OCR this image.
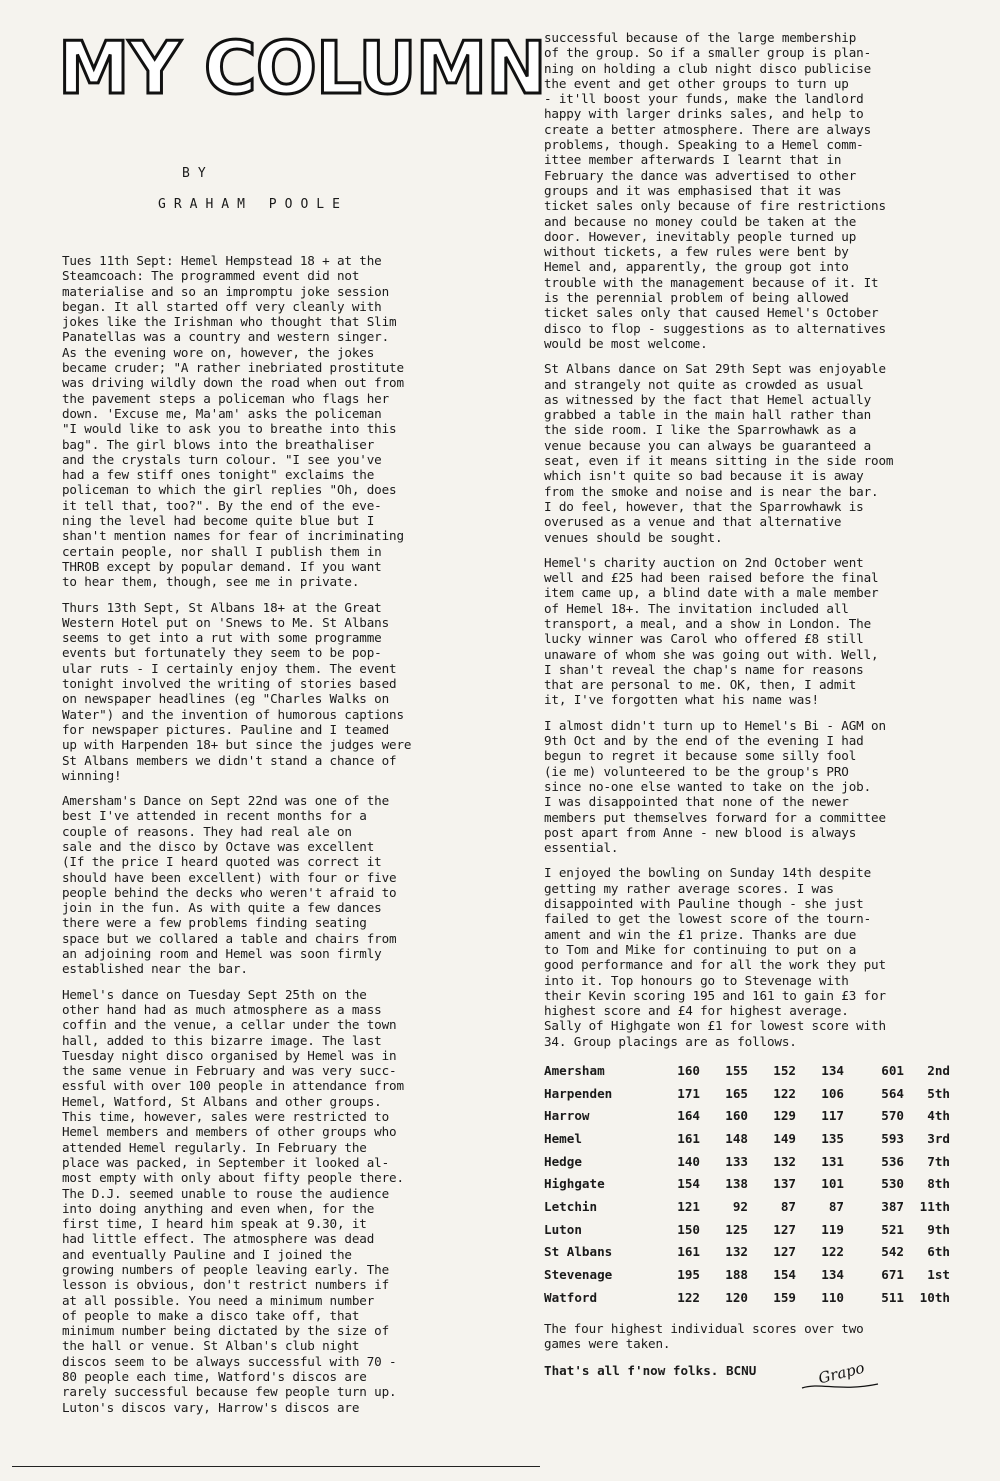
MY COLUMN

BY

GRAHAM POOLE

Tues 11th Sept: Hemel Hempstead 18 + at the
Steamcoach: The programmed event did not
materialise and so an impromptu joke session
began. It all started off very cleanly with
jokes like the Irishman who thought that Slim
Panatellas was a country and western singer.
As the evening wore on, however, the jokes
became cruder; "A rather inebriated prostitute
was driving wildly down the road when out from
the pavement steps a policeman who flags her
down. 'Excuse me, Ma'am' asks the policeman
"I would like to ask you to breathe into this
bag". The girl blows into the breathaliser
and the crystals turn colour. "I see you've
had a few stiff ones tonight" exclaims the
policeman to which the girl replies "Oh, does
it tell that, too?". By the end of the eve-
ning the level had become quite blue but I
shan't mention names for fear of incriminating
certain people, nor shall I publish them in
THROB except by popular demand. If you want
to hear them, though, see me in private.

Thurs 13th Sept, St Albans 18+ at the Great
Western Hotel put on 'Snews to Me. St Albans
seems to get into a rut with some programme
events but fortunately they seem to be pop-
ular ruts - I certainly enjoy them. The event
tonight involved the writing of stories based
on newspaper headlines (eg "Charles Walks on
Water") and the invention of humorous captions
for newspaper pictures. Pauline and I teamed
up with Harpenden 18+ but since the judges were
St Albans members we didn't stand a chance of
winning!

Amersham's Dance on Sept 22nd was one of the
best I've attended in recent months for a
couple of reasons. They had real ale on
sale and the disco by Octave was excellent
(If the price I heard quoted was correct it
should have been excellent) with four or five
people behind the decks who weren't afraid to
join in the fun. As with quite a few dances
there were a few problems finding seating
space but we collared a table and chairs from
an adjoining room and Hemel was soon firmly
established near the bar.

Hemel's dance on Tuesday Sept 25th on the
other hand had as much atmosphere as a mass
coffin and the venue, a cellar under the town
hall, added to this bizarre image. The last
Tuesday night disco organised by Hemel was in
the same venue in February and was very succ-
essful with over 100 people in attendance from
Hemel, Watford, St Albans and other groups.
This time, however, sales were restricted to
Hemel members and members of other groups who
attended Hemel regularly. In February the
place was packed, in September it looked al-
most empty with only about fifty people there.
The D.J. seemed unable to rouse the audience
into doing anything and even when, for the
first time, I heard him speak at 9.30, it
had little effect. The atmosphere was dead
and eventually Pauline and I joined the
growing numbers of people leaving early. The
lesson is obvious, don't restrict numbers if
at all possible. You need a minimum number
of people to make a disco take off, that
minimum number being dictated by the size of
the hall or venue. St Alban's club night
discos seem to be always successful with 70 -
80 people each time, Watford's discos are
rarely successful because few people turn up.
Luton's discos vary, Harrow's discos are

successful because of the large membership
of the group. So if a smaller group is plan-
ning on holding a club night disco publicise
the event and get other groups to turn up
- it'll boost your funds, make the landlord
happy with larger drinks sales, and help to
create a better atmosphere. There are always
problems, though. Speaking to a Hemel comm-
ittee member afterwards I learnt that in
February the dance was advertised to other
groups and it was emphasised that it was
ticket sales only because of fire restrictions
and because no money could be taken at the
door. However, inevitably people turned up
without tickets, a few rules were bent by
Hemel and, apparently, the group got into
trouble with the management because of it. It
is the perennial problem of being allowed
ticket sales only that caused Hemel's October
disco to flop - suggestions as to alternatives
would be most welcome.

St Albans dance on Sat 29th Sept was enjoyable
and strangely not quite as crowded as usual
as witnessed by the fact that Hemel actually
grabbed a table in the main hall rather than
the side room. I like the Sparrowhawk as a
venue because you can always be guaranteed a
seat, even if it means sitting in the side room
which isn't quite so bad because it is away
from the smoke and noise and is near the bar.
I do feel, however, that the Sparrowhawk is
overused as a venue and that alternative
venues should be sought.

Hemel's charity auction on 2nd October went
well and £25 had been raised before the final
item came up, a blind date with a male member
of Hemel 18+. The invitation included all
transport, a meal, and a show in London. The
lucky winner was Carol who offered £8 still
unaware of whom she was going out with. Well,
I shan't reveal the chap's name for reasons
that are personal to me. OK, then, I admit
it, I've forgotten what his name was!

I almost didn't turn up to Hemel's Bi - AGM on
9th Oct and by the end of the evening I had
begun to regret it because some silly fool
(ie me) volunteered to be the group's PRO
since no-one else wanted to take on the job.
I was disappointed that none of the newer
members put themselves forward for a committee
post apart from Anne - new blood is always
essential.

I enjoyed the bowling on Sunday 14th despite
getting my rather average scores. I was
disappointed with Pauline though - she just
failed to get the lowest score of the tourn-
ament and win the £1 prize. Thanks are due
to Tom and Mike for continuing to put on a
good performance and for all the work they put
into it. Top honours go to Stevenage with
their Kevin scoring 195 and 161 to gain £3 for
highest score and £4 for highest average.
Sally of Highgate won £1 for lowest score with
34. Group placings are as follows.

Amersham	160	155	152	134	601	2nd
Harpenden	171	165	122	106	564	5th
Harrow	164	160	129	117	570	4th
Hemel	161	148	149	135	593	3rd
Hedge	140	133	132	131	536	7th
Highgate	154	138	137	101	530	8th
Letchin	121	92	87	87	387	11th
Luton	150	125	127	119	521	9th
St Albans	161	132	127	122	542	6th
Stevenage	195	188	154	134	671	1st
Watford	122	120	159	110	511	10th

The four highest individual scores over two
games were taken.

That's all f'now folks. BCNU	Grapo
